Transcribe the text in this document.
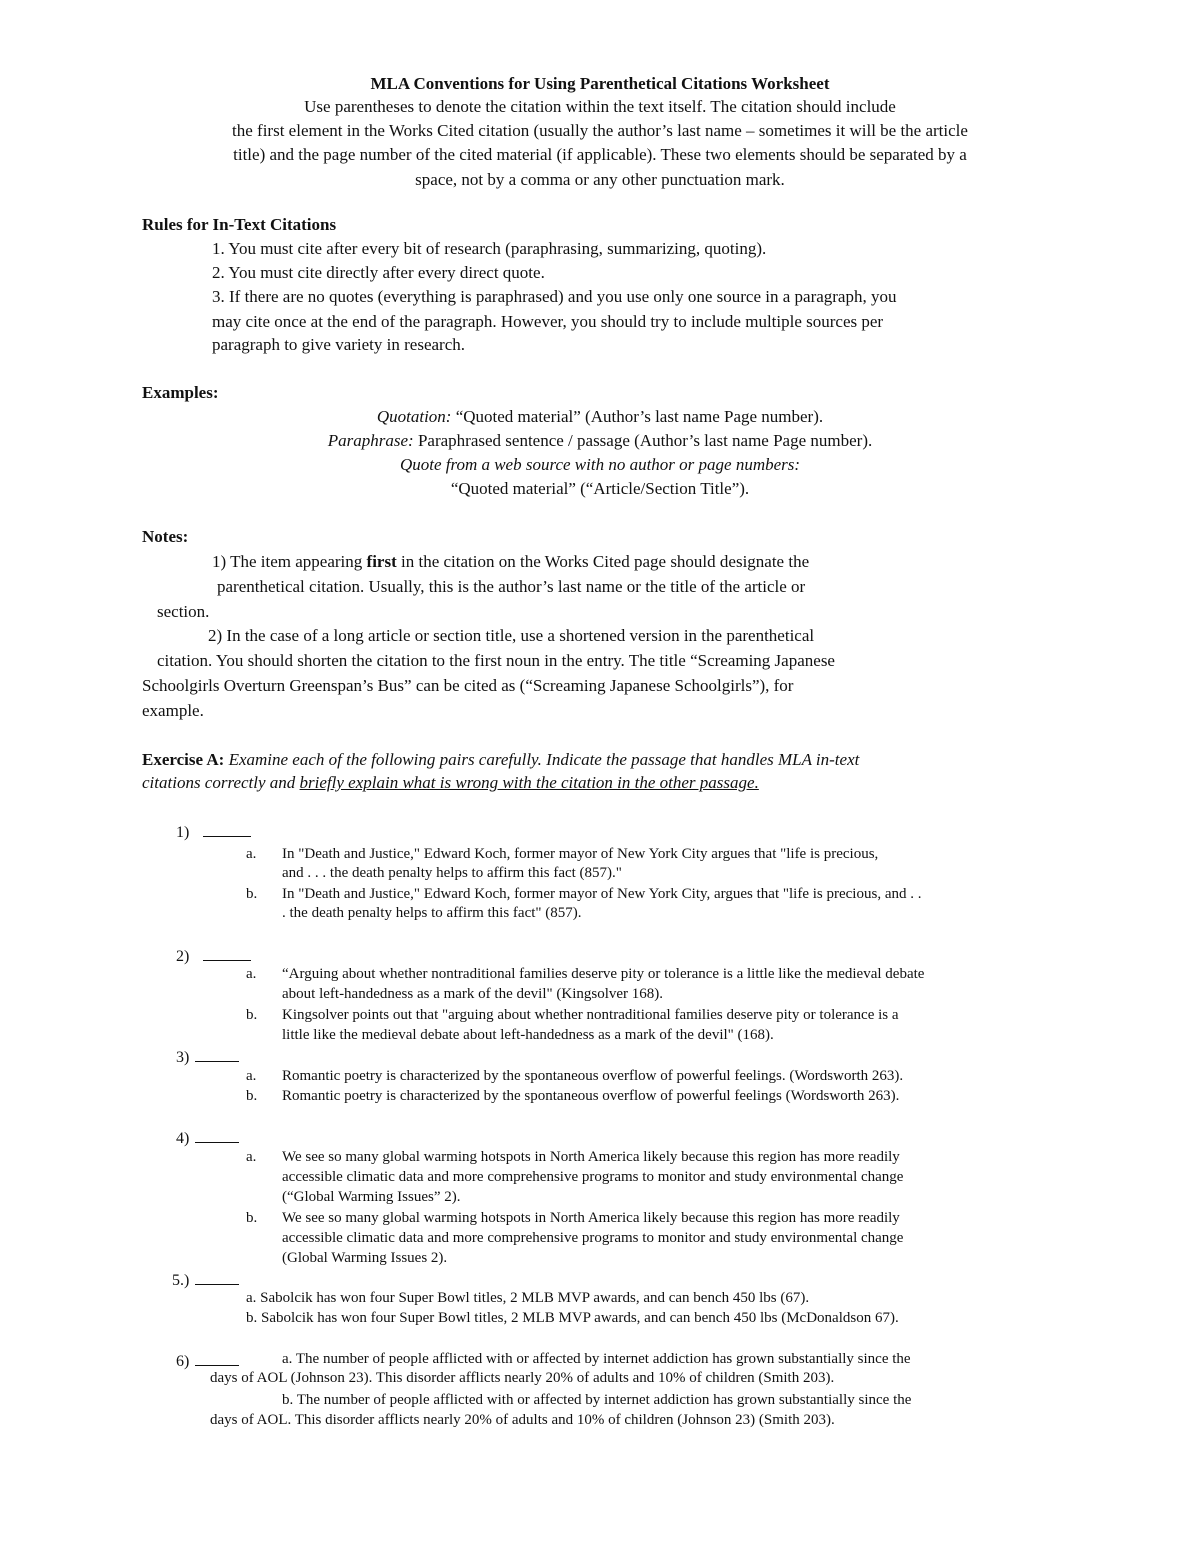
MLA Conventions for Using Parenthetical Citations Worksheet
Use parentheses to denote the citation within the text itself. The citation should include
the first element in the Works Cited citation (usually the author’s last name – sometimes it will be the article
title) and the page number of the cited material (if applicable). These two elements should be separated by a
space, not by a comma or any other punctuation mark.
Rules for In-Text Citations
1. You must cite after every bit of research (paraphrasing, summarizing, quoting).
2. You must cite directly after every direct quote.
3. If there are no quotes (everything is paraphrased) and you use only one source in a paragraph, you
may cite once at the end of the paragraph. However, you should try to include multiple sources per
paragraph to give variety in research.
Examples:
Quotation: “Quoted material” (Author’s last name Page number).
Paraphrase: Paraphrased sentence / passage (Author’s last name Page number).
Quote from a web source with no author or page numbers:
“Quoted material” (“Article/Section Title”).
Notes:
1) The item appearing first in the citation on the Works Cited page should designate the
parenthetical citation. Usually, this is the author’s last name or the title of the article or
section.
2) In the case of a long article or section title, use a shortened version in the parenthetical
citation. You should shorten the citation to the first noun in the entry. The title “Screaming Japanese
Schoolgirls Overturn Greenspan’s Bus” can be cited as (“Screaming Japanese Schoolgirls”), for
example.
Exercise A: Examine each of the following pairs carefully. Indicate the passage that handles MLA in-text
citations correctly and briefly explain what is wrong with the citation in the other passage.
1)
a. In "Death and Justice," Edward Koch, former mayor of New York City argues that "life is precious,
and . . . the death penalty helps to affirm this fact (857)."
b. In "Death and Justice," Edward Koch, former mayor of New York City, argues that "life is precious, and . .
. the death penalty helps to affirm this fact" (857).
2)
a. “Arguing about whether nontraditional families deserve pity or tolerance is a little like the medieval debate
about left-handedness as a mark of the devil" (Kingsolver 168).
b. Kingsolver points out that "arguing about whether nontraditional families deserve pity or tolerance is a
little like the medieval debate about left-handedness as a mark of the devil" (168).
3)
a. Romantic poetry is characterized by the spontaneous overflow of powerful feelings. (Wordsworth 263).
b. Romantic poetry is characterized by the spontaneous overflow of powerful feelings (Wordsworth 263).
4)
a. We see so many global warming hotspots in North America likely because this region has more readily
accessible climatic data and more comprehensive programs to monitor and study environmental change
(“Global Warming Issues” 2).
b. We see so many global warming hotspots in North America likely because this region has more readily
accessible climatic data and more comprehensive programs to monitor and study environmental change
(Global Warming Issues 2).
5.)
a. Sabolcik has won four Super Bowl titles, 2 MLB MVP awards, and can bench 450 lbs (67).
b. Sabolcik has won four Super Bowl titles, 2 MLB MVP awards, and can bench 450 lbs (McDonaldson 67).
6)	a. The number of people afflicted with or affected by internet addiction has grown substantially since the
days of AOL (Johnson 23). This disorder afflicts nearly 20% of adults and 10% of children (Smith 203).
b. The number of people afflicted with or affected by internet addiction has grown substantially since the
days of AOL. This disorder afflicts nearly 20% of adults and 10% of children (Johnson 23) (Smith 203).
